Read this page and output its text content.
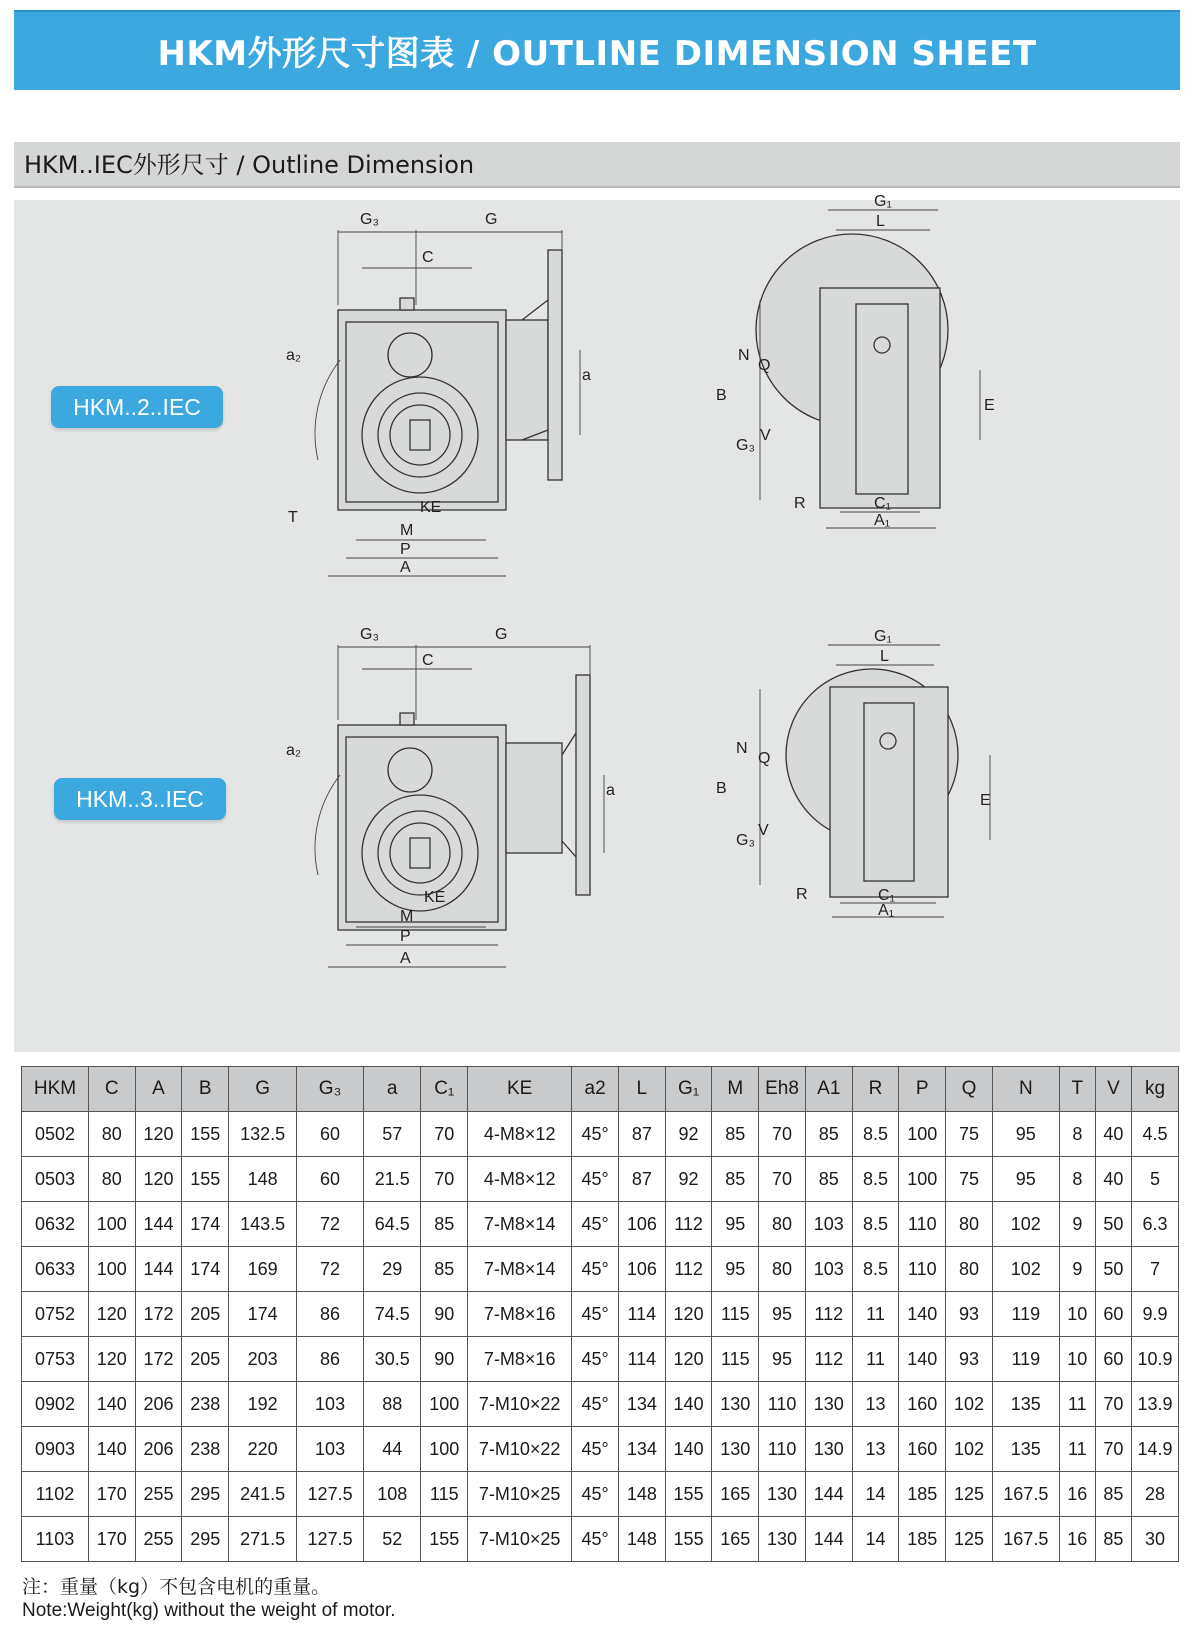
HKM外形尺寸图表 / OUTLINE DIMENSION SHEET
HKM..IEC外形尺寸 / Outline Dimension
HKM..2..IEC
HKM..3..IEC
G₃	G
C
a₂
a
T
KE
M
P
A
G₁
L
B
N
Q
G₃
V
E
R	C₁
A₁
G₃	G
C
a₂
a
KE
M
P
A
G₁
L
B
N
Q
G₃
V
E
R	C₁
A₁
HKM	C	A	B	G	G₃	a	C₁	KE	a2	L	G₁	M	Eh8	A1	R	P	Q	N	T	V	kg
0502	80	120	155	132.5	60	57	70	4-M8×12	45°	87	92	85	70	85	8.5	100	75	95	8	40	4.5
0503	80	120	155	148	60	21.5	70	4-M8×12	45°	87	92	85	70	85	8.5	100	75	95	8	40	5
0632	100	144	174	143.5	72	64.5	85	7-M8×14	45°	106	112	95	80	103	8.5	110	80	102	9	50	6.3
0633	100	144	174	169	72	29	85	7-M8×14	45°	106	112	95	80	103	8.5	110	80	102	9	50	7
0752	120	172	205	174	86	74.5	90	7-M8×16	45°	114	120	115	95	112	11	140	93	119	10	60	9.9
0753	120	172	205	203	86	30.5	90	7-M8×16	45°	114	120	115	95	112	11	140	93	119	10	60	10.9
0902	140	206	238	192	103	88	100	7-M10×22	45°	134	140	130	110	130	13	160	102	135	11	70	13.9
0903	140	206	238	220	103	44	100	7-M10×22	45°	134	140	130	110	130	13	160	102	135	11	70	14.9
1102	170	255	295	241.5	127.5	108	115	7-M10×25	45°	148	155	165	130	144	14	185	125	167.5	16	85	28
1103	170	255	295	271.5	127.5	52	155	7-M10×25	45°	148	155	165	130	144	14	185	125	167.5	16	85	30
注：重量（kg）不包含电机的重量。
Note:Weight(kg) without the weight of motor.
